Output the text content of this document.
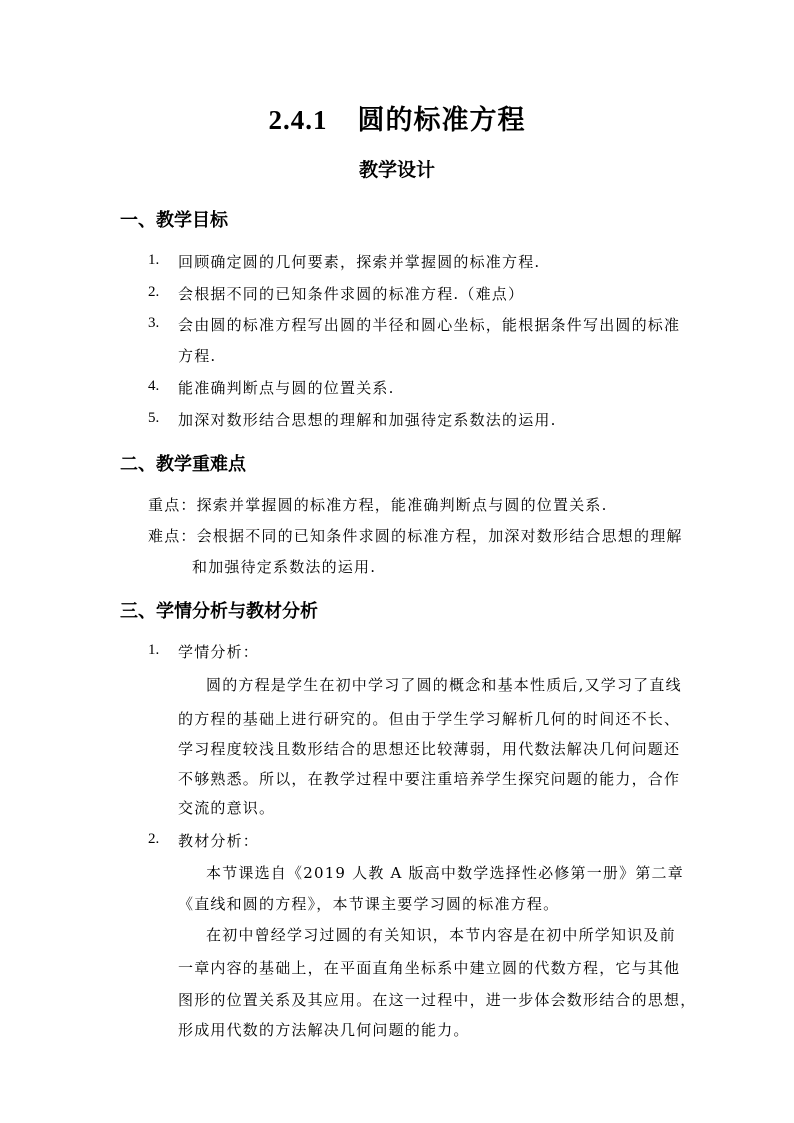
2.4.1 圆的标准方程
教学设计
一、教学目标
1. 回顾确定圆的几何要素，探索并掌握圆的标准方程.
2. 会根据不同的已知条件求圆的标准方程.（难点）
3. 会由圆的标准方程写出圆的半径和圆心坐标，能根据条件写出圆的标准
方程.
4. 能准确判断点与圆的位置关系.
5. 加深对数形结合思想的理解和加强待定系数法的运用.
二、教学重难点
重点：探索并掌握圆的标准方程，能准确判断点与圆的位置关系.
难点：会根据不同的已知条件求圆的标准方程，加深对数形结合思想的理解
和加强待定系数法的运用.
三、学情分析与教材分析
1. 学情分析：
圆的方程是学生在初中学习了圆的概念和基本性质后,又学习了直线
的方程的基础上进行研究的。但由于学生学习解析几何的时间还不长、
学习程度较浅且数形结合的思想还比较薄弱，用代数法解决几何问题还
不够熟悉。所以，在教学过程中要注重培养学生探究问题的能力，合作
交流的意识。
2. 教材分析：
本节课选自《2019 人教 A 版高中数学选择性必修第一册》第二章
《直线和圆的方程》，本节课主要学习圆的标准方程。
在初中曾经学习过圆的有关知识，本节内容是在初中所学知识及前
一章内容的基础上，在平面直角坐标系中建立圆的代数方程，它与其他
图形的位置关系及其应用。在这一过程中，进一步体会数形结合的思想，
形成用代数的方法解决几何问题的能力。
